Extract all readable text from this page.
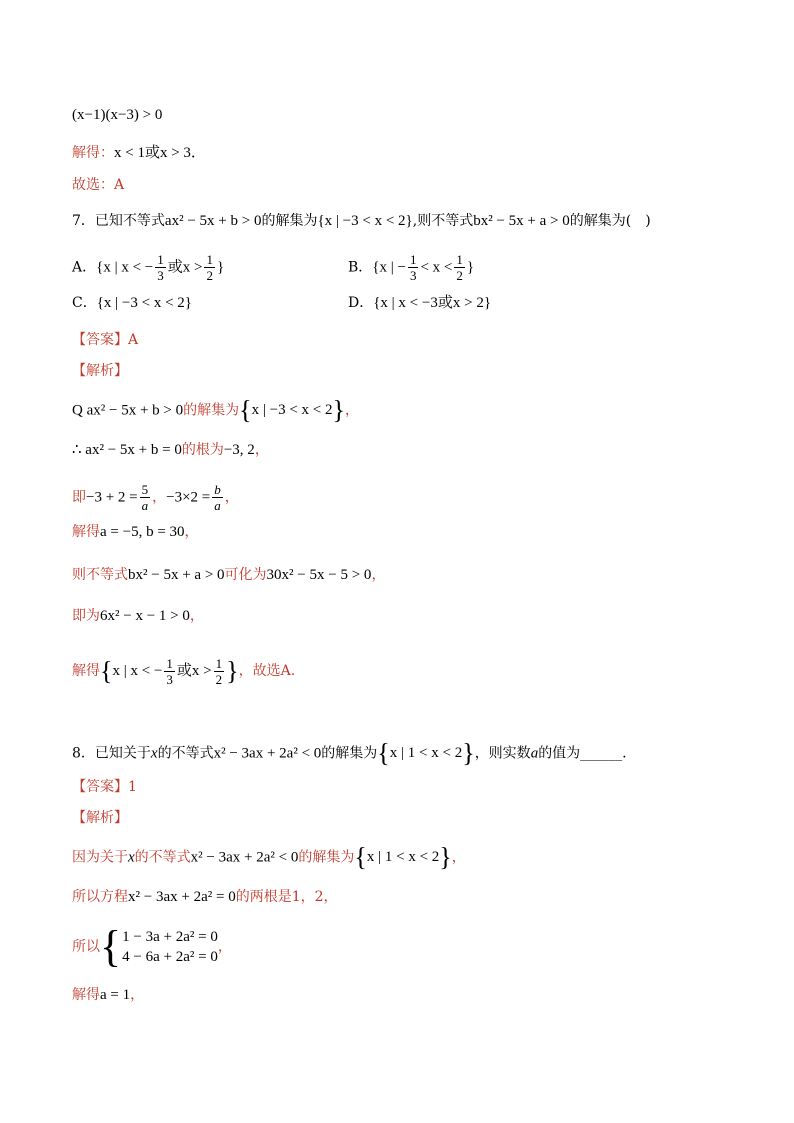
(x−1)(x−3) > 0
解得：x < 1或x > 3．
故选：A
7．已知不等式ax² − 5x + b > 0的解集为{x | −3 < x < 2},则不等式bx² − 5x + a > 0的解集为(　)
A．{x | x < − $\frac{1}{3}$ 或$x > \frac{1}{2}$ }	B．{x | − $\frac{1}{3} < x < \frac{1}{2}$ }
C．{x | −3 < x < 2}	D．{x | x < −3或x > 2}
【答案】A
【解析】
Q ax² − 5x + b > 0的解集为{x | −3 < x < 2}，
∴ ax² − 5x + b = 0的根为−3, 2，
即$-3 + 2 = \frac{5}{a}$ ，$-3\times 2 = \frac{b}{a}$ ，
解得a = −5, b = 30，
则不等式bx² − 5x + a > 0可化为30x² − 5x − 5 > 0，
即为6x² − x − 1 > 0，
解得{x | x < − $\frac{1}{3}$ 或$x > \frac{1}{2}$ }，故选A.
8．已知关于x的不等式x² − 3ax + 2a² < 0的解集为{x | 1 < x < 2}，则实数a的值为______.
【答案】1
【解析】
因为关于x的不等式x² − 3ax + 2a² < 0的解集为{x | 1 < x < 2}，
所以方程x² − 3ax + 2a² = 0的两根是1，2，
所以 { 1 − 3a + 2a² = 0
4 − 6a + 2a² = 0
，
解得a = 1，
